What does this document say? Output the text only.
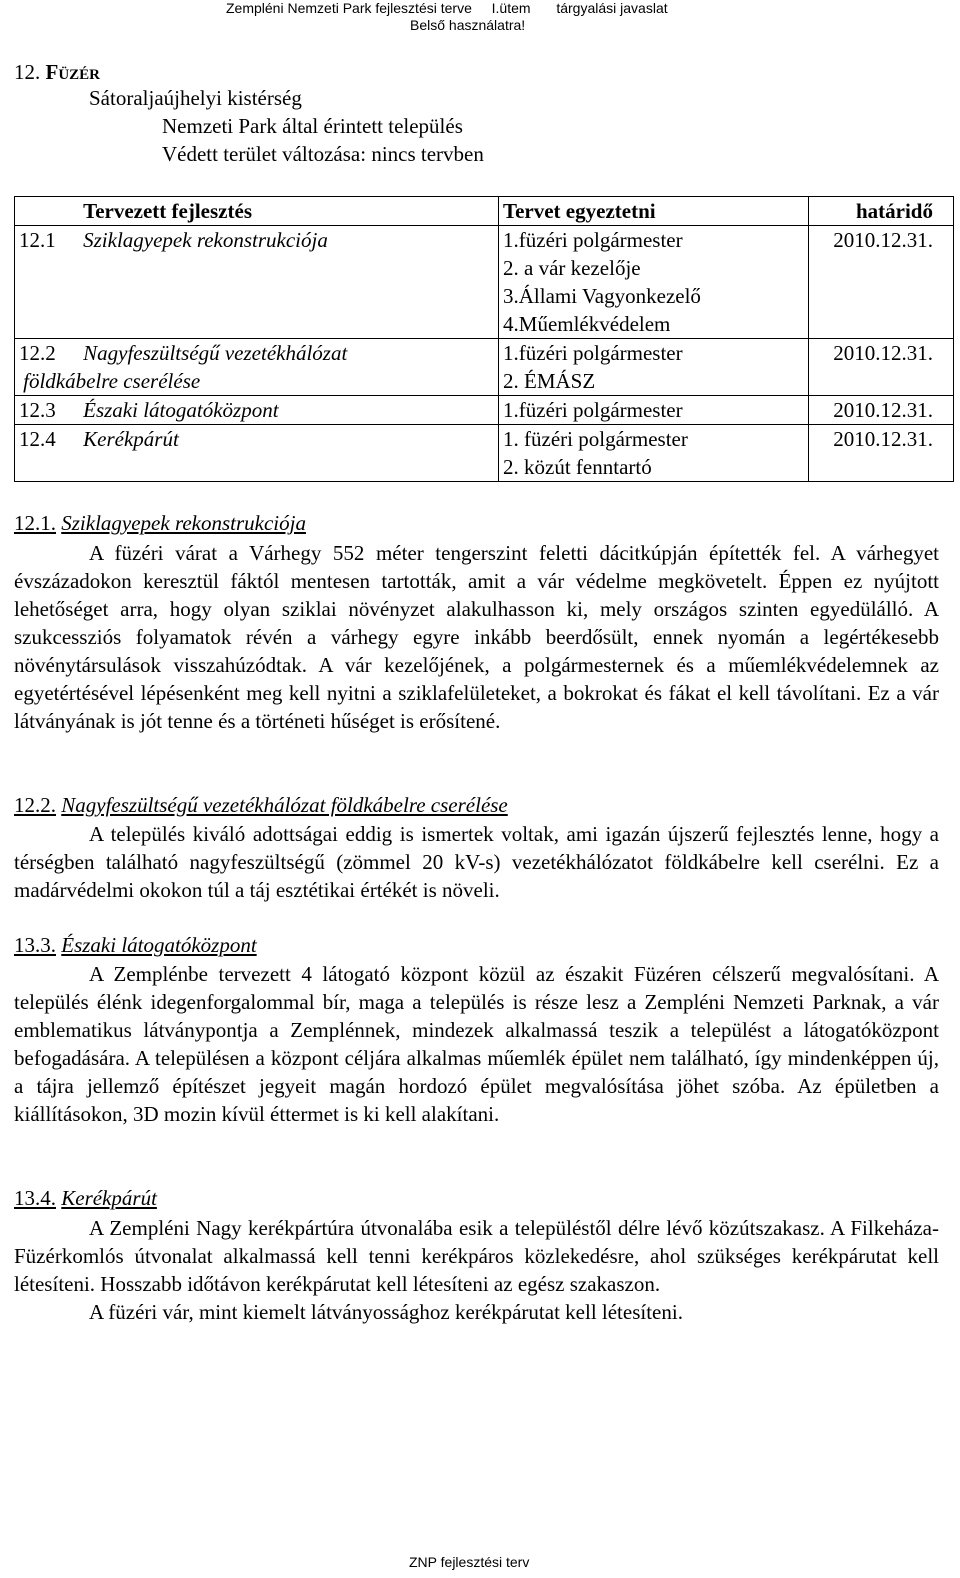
Zempléni Nemzeti Park fejlesztési terve I.ütem tárgyalási javaslat
Belső használatra!
12. Füzér
Sátoraljaújhelyi kistérség
Nemzeti Park által érintett település
Védett terület változása: nincs tervben
	Tervezett fejlesztés	Tervet egyeztetni	határidő
12.1	Sziklagyepek rekonstrukciója	1.füzéri polgármester
2. a vár kezelője
3.Állami Vagyonkezelő
4.Műemlékvédelem	2010.12.31.
12.2	Nagyfeszültségű vezetékhálózat
földkábelre cserélése	1.füzéri polgármester
2. ÉMÁSZ	2010.12.31.
12.3	Északi látogatóközpont	1.füzéri polgármester	2010.12.31.
12.4	Kerékpárút	1. füzéri polgármester
2. közút fenntartó	2010.12.31.
12.1. Sziklagyepek rekonstrukciója

A füzéri várat a Várhegy 552 méter tengerszint feletti dácitkúpján építették fel. A várhegyet évszázadokon keresztül fáktól mentesen tartották, amit a vár védelme megkövetelt. Éppen ez nyújtott lehetőséget arra, hogy olyan sziklai növényzet alakulhasson ki, mely országos szinten egyedülálló. A szukcessziós folyamatok révén a várhegy egyre inkább beerdősült, ennek nyomán a legértékesebb növénytársulások visszahúzódtak. A vár kezelőjének, a polgármesternek és a műemlékvédelemnek az egyetértésével lépésenként meg kell nyitni a sziklafelületeket, a bokrokat és fákat el kell távolítani. Ez a vár látványának is jót tenne és a történeti hűséget is erősítené.

12.2. Nagyfeszültségű vezetékhálózat földkábelre cserélése

A település kiváló adottságai eddig is ismertek voltak, ami igazán újszerű fejlesztés lenne, hogy a térségben található nagyfeszültségű (zömmel 20 kV-s) vezetékhálózatot földkábelre kell cserélni. Ez a madárvédelmi okokon túl a táj esztétikai értékét is növeli.

13.3. Északi látogatóközpont

A Zemplénbe tervezett 4 látogató központ közül az északit Füzéren célszerű megvalósítani. A település élénk idegenforgalommal bír, maga a település is része lesz a Zempléni Nemzeti Parknak, a vár emblematikus látványpontja a Zemplénnek, mindezek alkalmassá teszik a települést a látogatóközpont befogadására. A településen a központ céljára alkalmas műemlék épület nem található, így mindenképpen új, a tájra jellemző építészet jegyeit magán hordozó épület megvalósítása jöhet szóba. Az épületben a kiállításokon, 3D mozin kívül éttermet is ki kell alakítani.

13.4. Kerékpárút

A Zempléni Nagy kerékpártúra útvonalába esik a településtől délre lévő közútszakasz. A Filkeháza-Füzérkomlós útvonalat alkalmassá kell tenni kerékpáros közlekedésre, ahol szükséges kerékpárutat kell létesíteni. Hosszabb időtávon kerékpárutat kell létesíteni az egész szakaszon.

A füzéri vár, mint kiemelt látványossághoz kerékpárutat kell létesíteni.

ZNP fejlesztési terv
